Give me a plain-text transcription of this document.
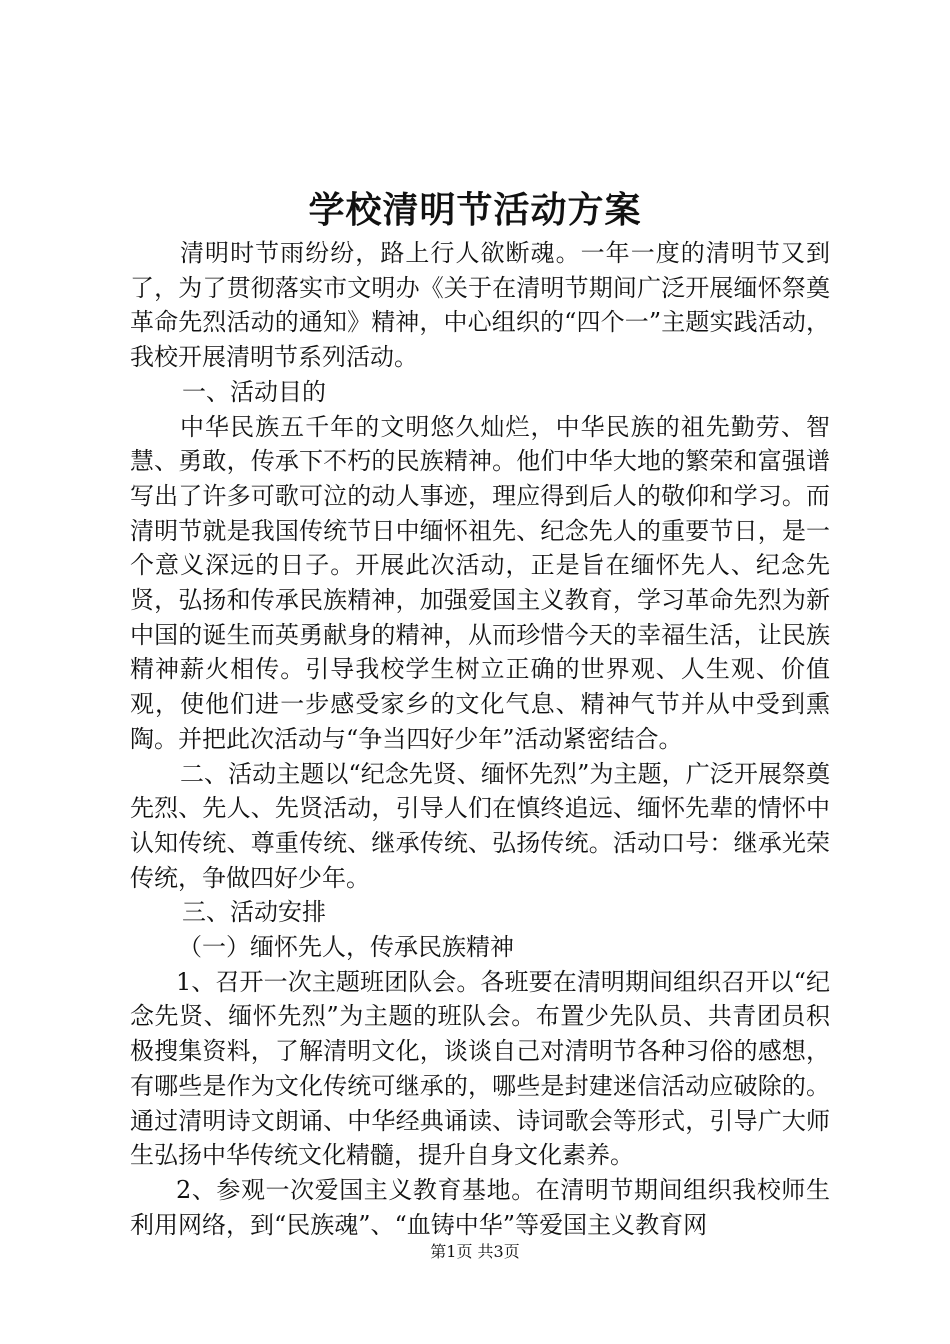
学校清明节活动方案

清明时节雨纷纷，路上行人欲断魂。一年一度的清明节又到了，为了贯彻落实市文明办《关于在清明节期间广泛开展缅怀祭奠革命先烈活动的通知》精神，中心组织的“四个一”主题实践活动，我校开展清明节系列活动。

一、活动目的

中华民族五千年的文明悠久灿烂，中华民族的祖先勤劳、智慧、勇敢，传承下不朽的民族精神。他们中华大地的繁荣和富强谱写出了许多可歌可泣的动人事迹，理应得到后人的敬仰和学习。而清明节就是我国传统节日中缅怀祖先、纪念先人的重要节日，是一个意义深远的日子。开展此次活动，正是旨在缅怀先人、纪念先贤，弘扬和传承民族精神，加强爱国主义教育，学习革命先烈为新中国的诞生而英勇献身的精神，从而珍惜今天的幸福生活，让民族精神薪火相传。引导我校学生树立正确的世界观、人生观、价值观，使他们进一步感受家乡的文化气息、精神气节并从中受到熏陶。并把此次活动与“争当四好少年”活动紧密结合。

二、活动主题以“纪念先贤、缅怀先烈”为主题，广泛开展祭奠先烈、先人、先贤活动，引导人们在慎终追远、缅怀先辈的情怀中认知传统、尊重传统、继承传统、弘扬传统。活动口号：继承光荣传统，争做四好少年。

三、活动安排

（一）缅怀先人，传承民族精神

1、召开一次主题班团队会。各班要在清明期间组织召开以“纪念先贤、缅怀先烈”为主题的班队会。布置少先队员、共青团员积极搜集资料，了解清明文化，谈谈自己对清明节各种习俗的感想，有哪些是作为文化传统可继承的，哪些是封建迷信活动应破除的。通过清明诗文朗诵、中华经典诵读、诗词歌会等形式，引导广大师生弘扬中华传统文化精髓，提升自身文化素养。

2、参观一次爱国主义教育基地。在清明节期间组织我校师生利用网络，到“民族魂”、“血铸中华”等爱国主义教育网

第1页 共3页
